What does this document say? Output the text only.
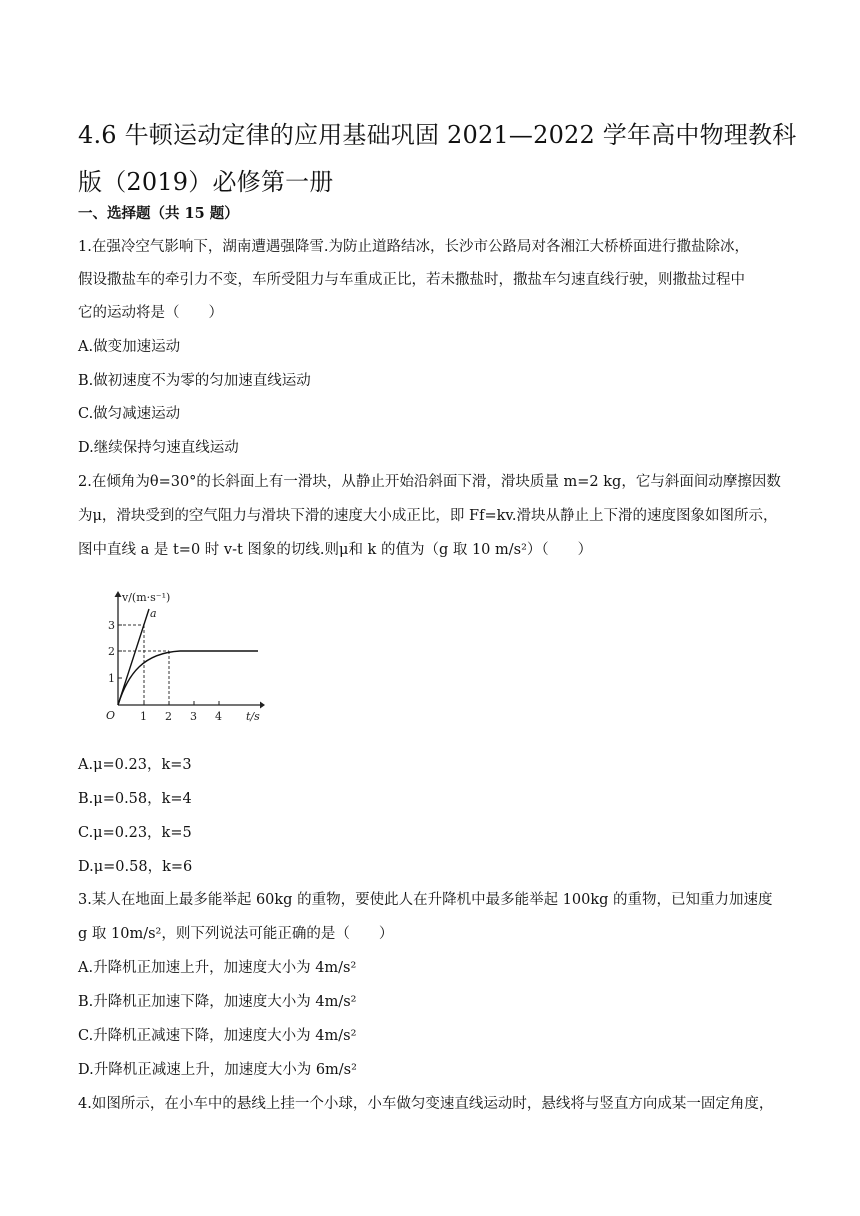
4.6 牛顿运动定律的应用基础巩固 2021—2022 学年高中物理教科版（2019）必修第一册
一、选择题（共 15 题）
1.在强冷空气影响下，湖南遭遇强降雪.为防止道路结冰，长沙市公路局对各湘江大桥桥面进行撒盐除冰，
假设撒盐车的牵引力不变，车所受阻力与车重成正比，若未撒盐时，撒盐车匀速直线行驶，则撒盐过程中
它的运动将是（　　）
A.做变加速运动
B.做初速度不为零的匀加速直线运动
C.做匀减速运动
D.继续保持匀速直线运动
2.在倾角为θ=30°的长斜面上有一滑块，从静止开始沿斜面下滑，滑块质量 m=2 kg，它与斜面间动摩擦因数
为μ，滑块受到的空气阻力与滑块下滑的速度大小成正比，即 Ff=kv.滑块从静止上下滑的速度图象如图所示，
图中直线 a 是 t=0 时 v-t 图象的切线.则μ和 k 的值为（g 取 10 m/s²）（　　）
v/(m·s⁻¹)
t/s
O
a
1
2
3
1 2 3 4
A.μ=0.23，k=3
B.μ=0.58，k=4
C.μ=0.23，k=5
D.μ=0.58，k=6
3.某人在地面上最多能举起 60kg 的重物，要使此人在升降机中最多能举起 100kg 的重物，已知重力加速度
g 取 10m/s²，则下列说法可能正确的是（　　）
A.升降机正加速上升，加速度大小为 4m/s²
B.升降机正加速下降，加速度大小为 4m/s²
C.升降机正减速下降，加速度大小为 4m/s²
D.升降机正减速上升，加速度大小为 6m/s²
4.如图所示，在小车中的悬线上挂一个小球，小车做匀变速直线运动时，悬线将与竖直方向成某一固定角度，
